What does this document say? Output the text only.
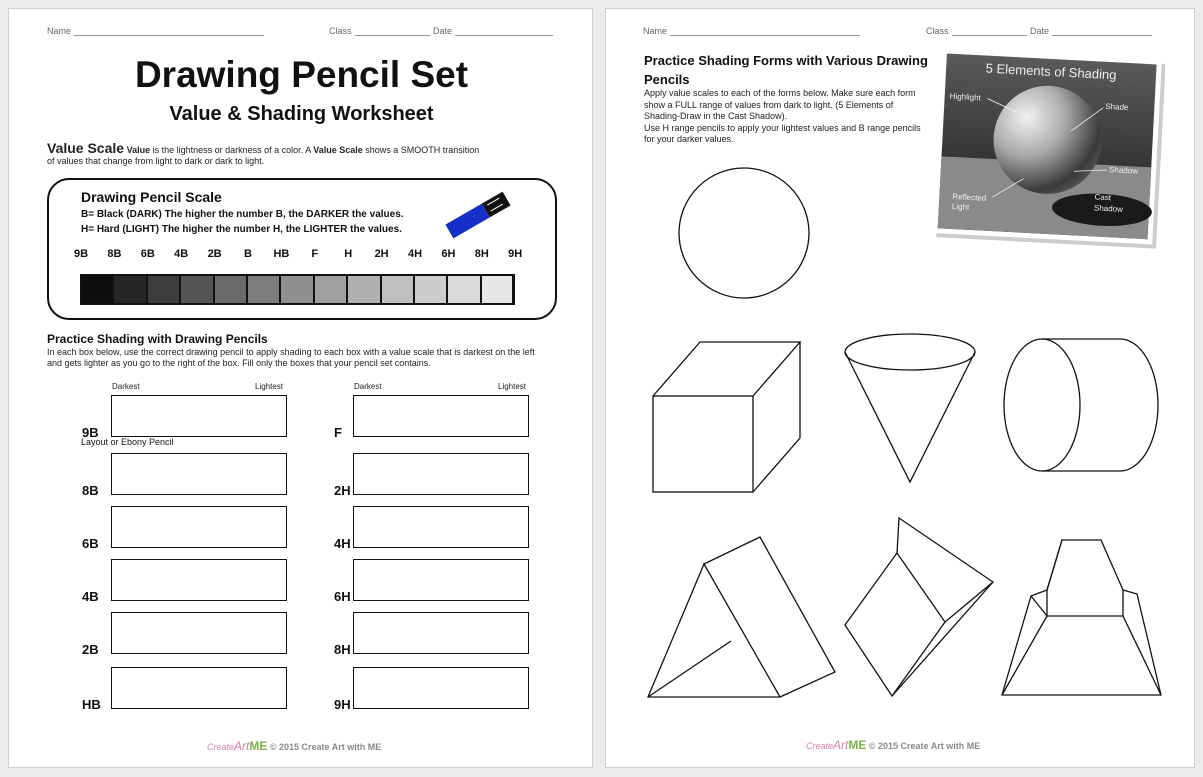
Name	Class	Date
Drawing Pencil Set
Value & Shading Worksheet
Value Scale Value is the lightness or darkness of a color. A Value Scale shows a SMOOTH transition
of values that change from light to dark or dark to light.
Drawing Pencil Scale
B= Black (DARK) The higher the number B, the DARKER the values.
H= Hard (LIGHT) The higher the number H, the LIGHTER the values.
9B	8B	6B	4B	2B	B	HB	F	H	2H	4H	6H	8H	9H
Practice Shading with Drawing Pencils
In each box below, use the correct drawing pencil to apply shading to each box with a value scale that is darkest on the left and gets lighter as you go to the right of the box. Fill only the boxes that your pencil set contains.
Darkest	Lightest	Darkest	Lightest
Layout or Ebony Pencil
9B	F
8B	2H
6B	4H
4B	6H
2B	8H
HB	9H
CreateArtME © 2015 Create Art with ME
Name	Class	Date
Practice Shading Forms with Various Drawing Pencils
Apply value scales to each of the forms below. Make sure each form show a FULL range of values from dark to light. (5 Elements of Shading-Draw in the Cast Shadow).
Use H range pencils to apply your lightest values and B range pencils for your darker values.
5 Elements of Shading
Highlight
Shade
Shadow
Reflected
Light
Cast
Shadow
CreateArtME © 2015 Create Art with ME
